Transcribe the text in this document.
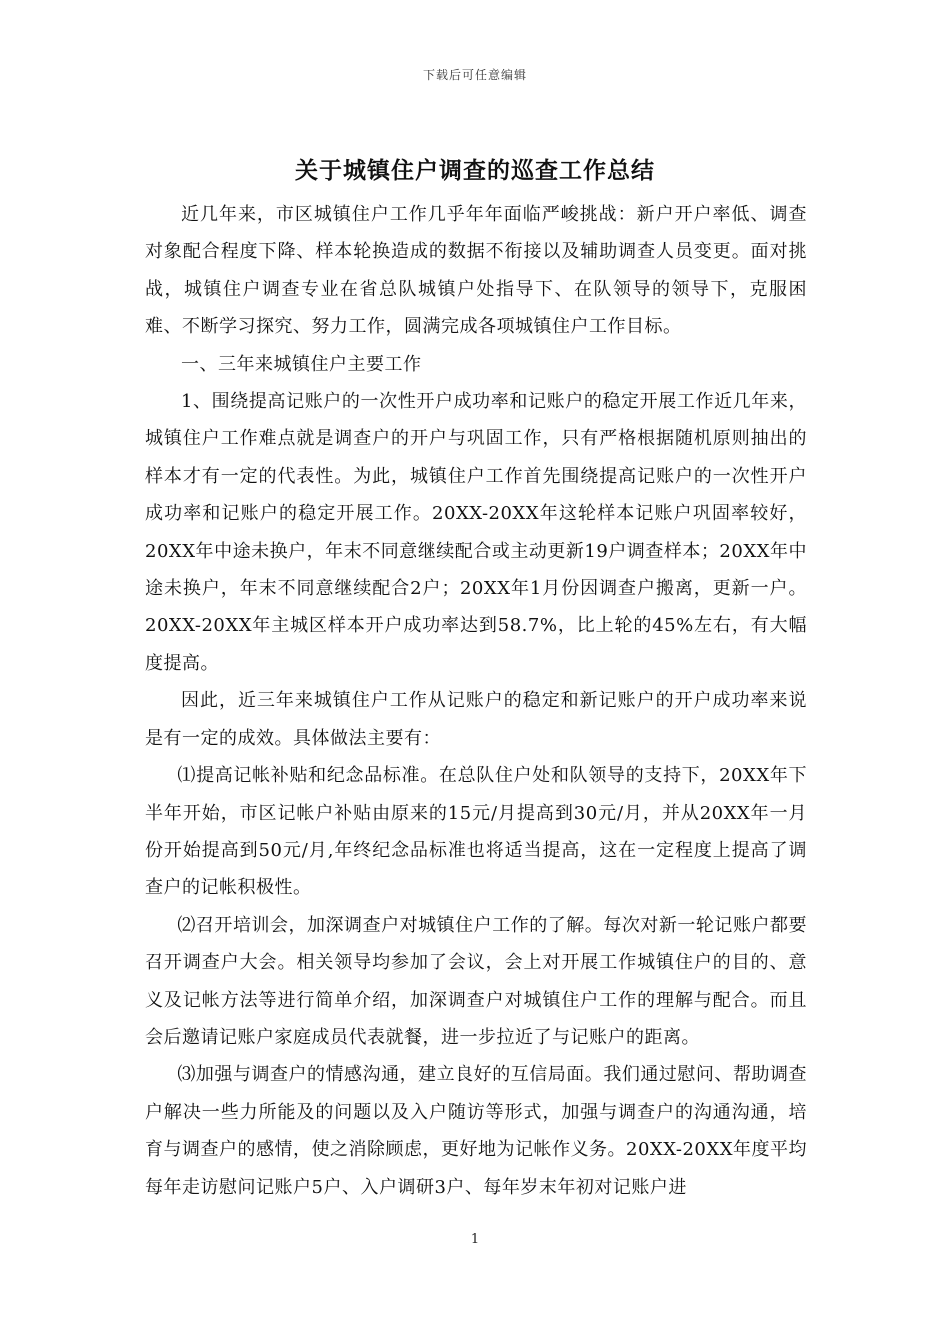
下载后可任意编辑
关于城镇住户调查的巡查工作总结

近几年来，市区城镇住户工作几乎年年面临严峻挑战：新户开户率低、调查对象配合程度下降、样本轮换造成的数据不衔接以及辅助调查人员变更。面对挑战，城镇住户调查专业在省总队城镇户处指导下、在队领导的领导下，克服困难、不断学习探究、努力工作，圆满完成各项城镇住户工作目标。

一、三年来城镇住户主要工作

1、围绕提高记账户的一次性开户成功率和记账户的稳定开展工作近几年来，城镇住户工作难点就是调查户的开户与巩固工作，只有严格根据随机原则抽出的样本才有一定的代表性。为此，城镇住户工作首先围绕提高记账户的一次性开户成功率和记账户的稳定开展工作。20XX-20XX年这轮样本记账户巩固率较好，20XX年中途未换户，年末不同意继续配合或主动更新19户调查样本；20XX年中途未换户，年末不同意继续配合2户；20XX年1月份因调查户搬离，更新一户。20XX-20XX年主城区样本开户成功率达到58.7%，比上轮的45%左右，有大幅度提高。

因此，近三年来城镇住户工作从记账户的稳定和新记账户的开户成功率来说是有一定的成效。具体做法主要有：

⑴提高记帐补贴和纪念品标准。在总队住户处和队领导的支持下，20XX年下半年开始，市区记帐户补贴由原来的15元/月提高到30元/月，并从20XX年一月份开始提高到50元/月,年终纪念品标准也将适当提高，这在一定程度上提高了调查户的记帐积极性。

⑵召开培训会，加深调查户对城镇住户工作的了解。每次对新一轮记账户都要召开调查户大会。相关领导均参加了会议，会上对开展工作城镇住户的目的、意义及记帐方法等进行简单介绍，加深调查户对城镇住户工作的理解与配合。而且会后邀请记账户家庭成员代表就餐，进一步拉近了与记账户的距离。

⑶加强与调查户的情感沟通，建立良好的互信局面。我们通过慰问、帮助调查户解决一些力所能及的问题以及入户随访等形式，加强与调查户的沟通沟通，培育与调查户的感情，使之消除顾虑，更好地为记帐作义务。20XX-20XX年度平均每年走访慰问记账户5户、入户调研3户、每年岁末年初对记账户进

1
